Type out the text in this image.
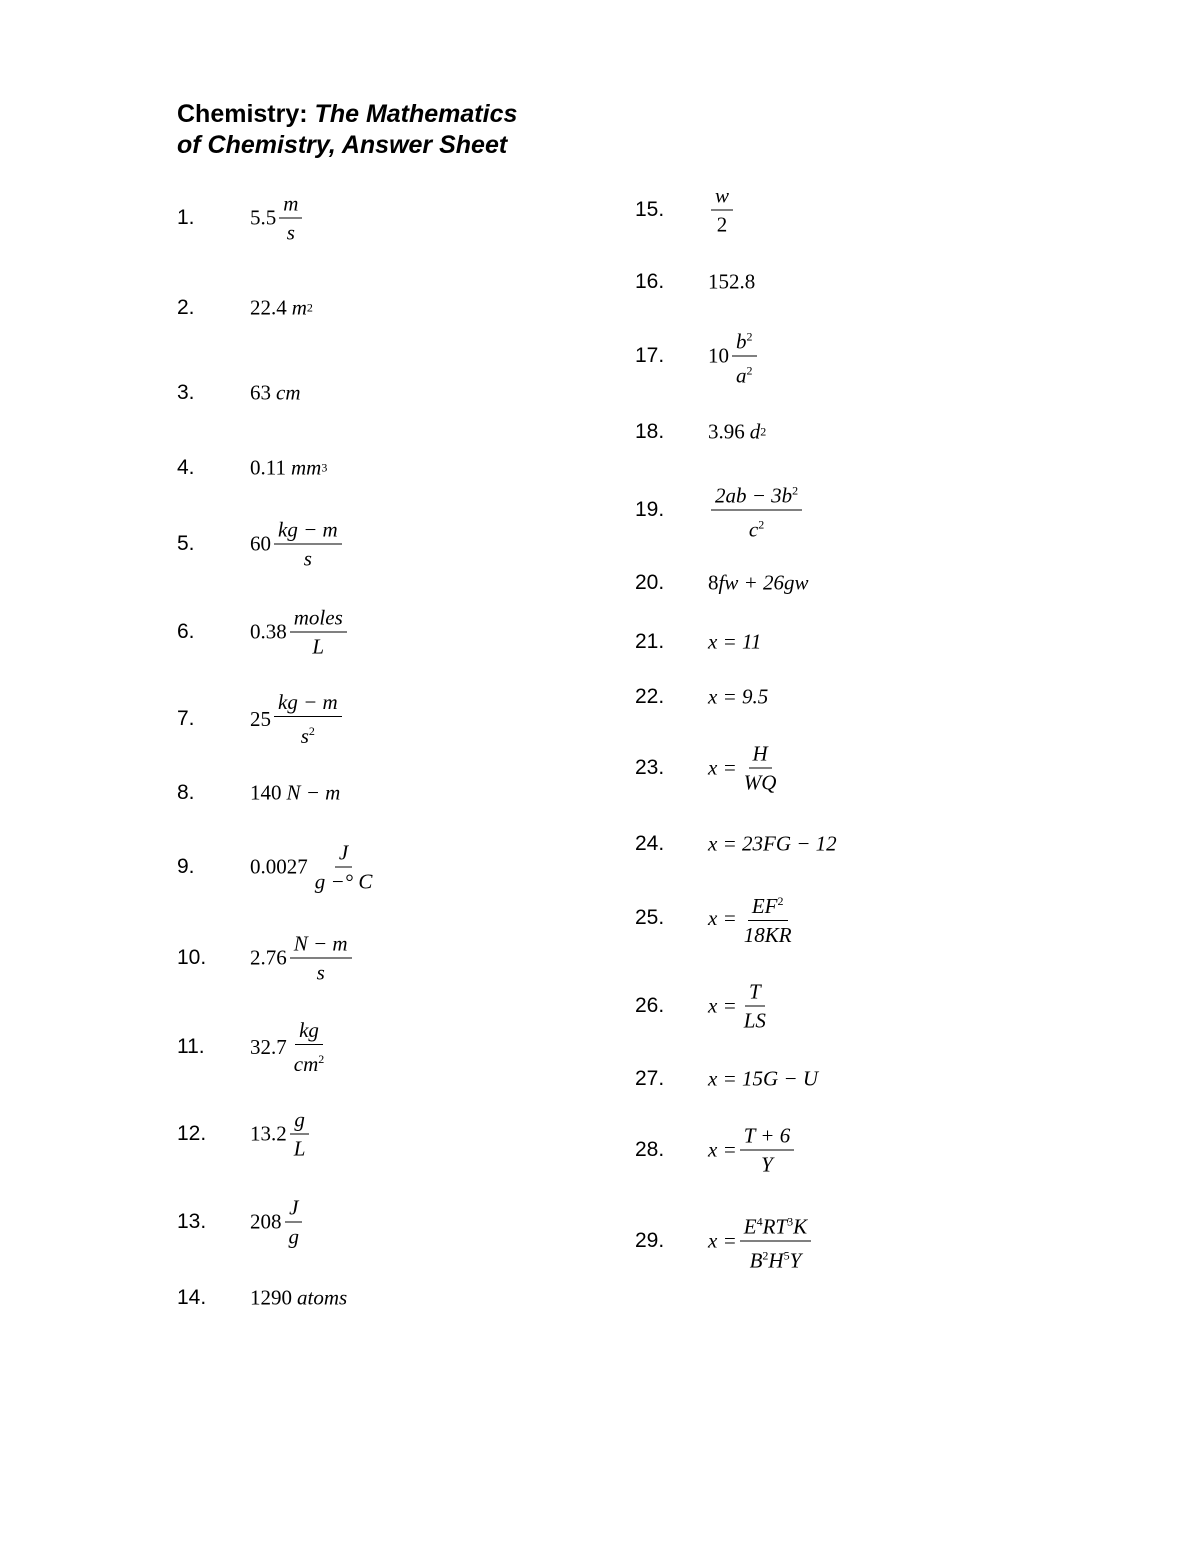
Chemistry: The Mathematics
of Chemistry, Answer Sheet
1.	$5.5 \frac{m}{s}$
2.	22.4 m 2
3.	63 cm
4.	0.11 mm 3
5.	$60 \frac{kg - m}{s}$
6.	$0.38 \frac{\text{moles}}{L}$
7.	$25 \frac{kg - m}{s^2}$
8.	140 N − m
9.	$0.0027 \frac{J}{g -^\circ C}$
10. $2.76 \frac{N - m}{s}$
11. $32.7 \frac{kg}{cm^2}$
12. $13.2 \frac{g}{L}$
13. $208 \frac{J}{g}$
14. 1290 atoms
15. $\frac{w}{2}$
16. 152.8
17. $10 \frac{b^2}{a^2}$
18. 3.96 d 2
19. $\frac{2ab - 3b^2}{c^2}$
20. 8 fw + 26gw
21. x = 11
22. x = 9.5
23. $x = \frac{H}{WQ}$
24. x = 23FG − 12
25. $x = \frac{EF^2}{18KR}$
26. $x = \frac{T}{LS}$
27. x = 15G − U
28. $x = \frac{T + 6}{Y}$
29. $x = \frac{E^4RT^3K}{B^2H^5Y}$
